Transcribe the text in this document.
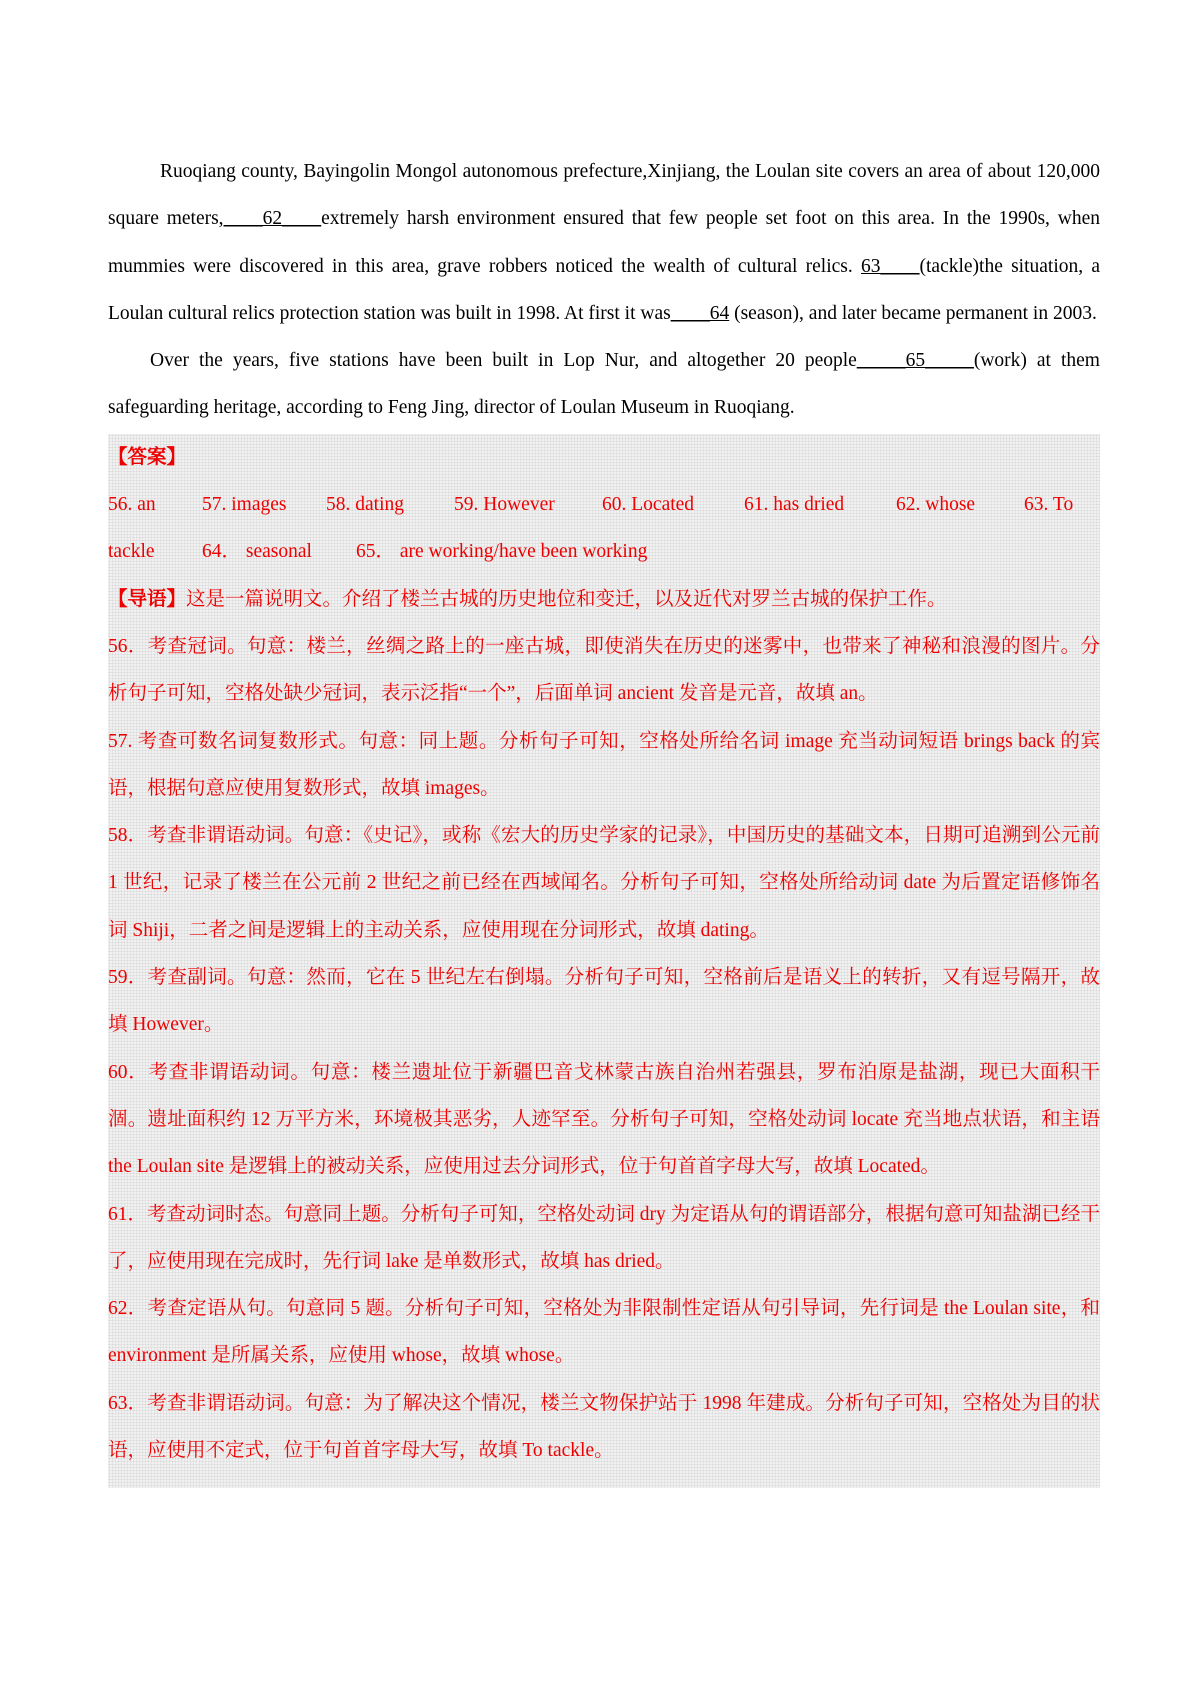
Ruoqiang county, Bayingolin Mongol autonomous prefecture,Xinjiang, the Loulan site covers an area of about 120,000 square meters,____62____extremely harsh environment ensured that few people set foot on this area. In the 1990s, when mummies were discovered in this area, grave robbers noticed the wealth of cultural relics. 63____(tackle)the situation, a Loulan cultural relics protection station was built in 1998. At first it was____64 (season), and later became permanent in 2003.

Over the years, five stations have been built in Lop Nur, and altogether 20 people_____65_____(work) at them safeguarding heritage, according to Feng Jing, director of Loulan Museum in Ruoqiang.

【答案】
56. an 57. images 58. dating	59. However 60. Located	61. has dried	62. whose	63. To
tackle 64． seasonal 65． are working/have been working

【导语】这是一篇说明文。介绍了楼兰古城的历史地位和变迁，以及近代对罗兰古城的保护工作。

56．考查冠词。句意：楼兰，丝绸之路上的一座古城，即使消失在历史的迷雾中，也带来了神秘和浪漫的图片。分析句子可知，空格处缺少冠词，表示泛指“一个”，后面单词 ancient 发音是元音，故填 an。

57. 考查可数名词复数形式。句意：同上题。分析句子可知，空格处所给名词 image 充当动词短语 brings back 的宾语，根据句意应使用复数形式，故填 images。

58．考查非谓语动词。句意：《史记》，或称《宏大的历史学家的记录》，中国历史的基础文本，日期可追溯到公元前 1 世纪，记录了楼兰在公元前 2 世纪之前已经在西域闻名。分析句子可知，空格处所给动词 date 为后置定语修饰名词 Shiji，二者之间是逻辑上的主动关系，应使用现在分词形式，故填 dating。

59．考查副词。句意：然而，它在 5 世纪左右倒塌。分析句子可知，空格前后是语义上的转折，又有逗号隔开，故填 However。

60．考查非谓语动词。句意：楼兰遗址位于新疆巴音戈林蒙古族自治州若强县，罗布泊原是盐湖，现已大面积干涸。遗址面积约 12 万平方米，环境极其恶劣，人迹罕至。分析句子可知，空格处动词 locate 充当地点状语，和主语 the Loulan site 是逻辑上的被动关系，应使用过去分词形式，位于句首首字母大写，故填 Located。

61．考查动词时态。句意同上题。分析句子可知，空格处动词 dry 为定语从句的谓语部分，根据句意可知盐湖已经干了，应使用现在完成时，先行词 lake 是单数形式，故填 has dried。

62．考查定语从句。句意同 5 题。分析句子可知，空格处为非限制性定语从句引导词，先行词是 the Loulan site，和 environment 是所属关系，应使用 whose，故填 whose。

63．考查非谓语动词。句意：为了解决这个情况，楼兰文物保护站于 1998 年建成。分析句子可知，空格处为目的状语，应使用不定式，位于句首首字母大写，故填 To tackle。
